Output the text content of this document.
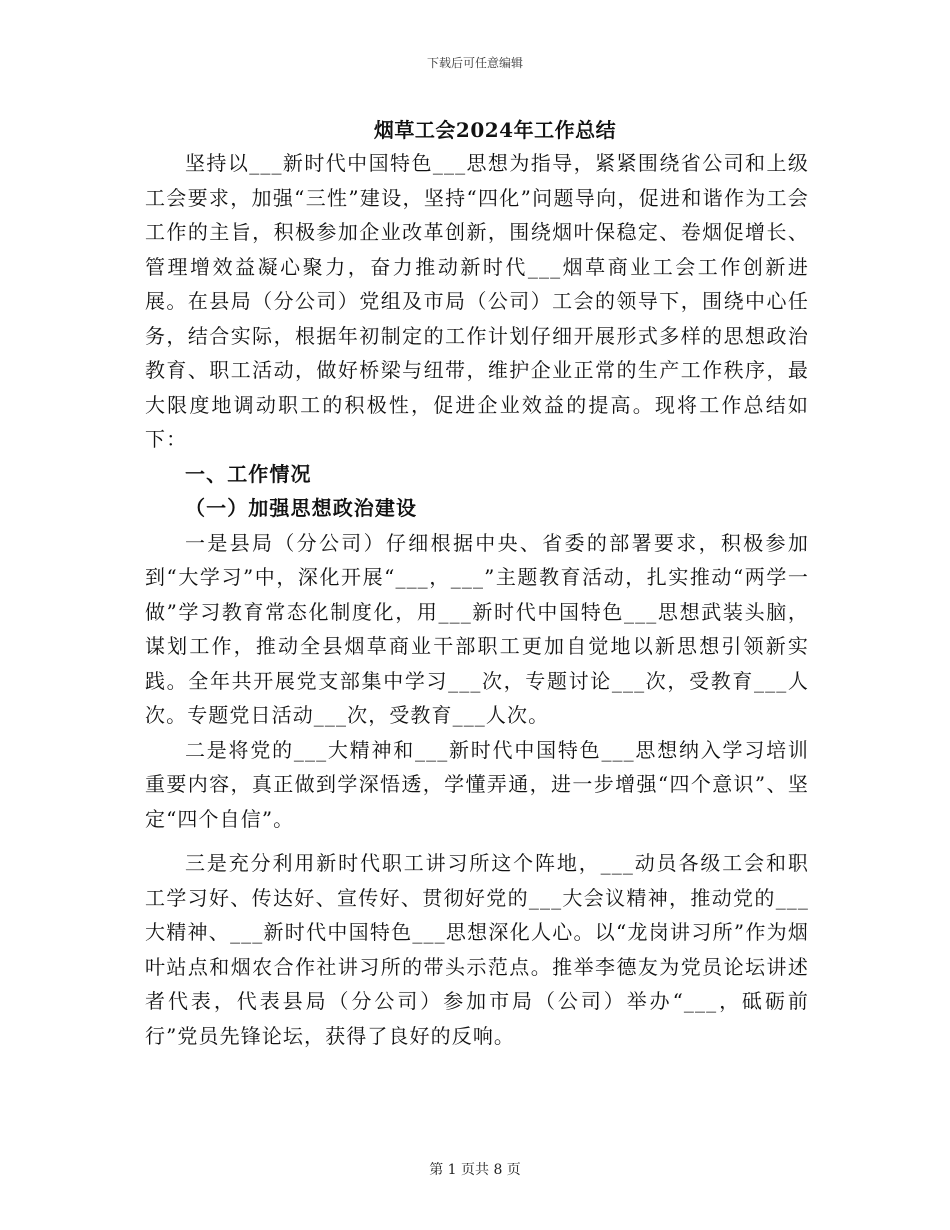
下载后可任意编辑
烟草工会2024年工作总结

坚持以___新时代中国特色___思想为指导，紧紧围绕省公司和上级工会要求，加强“三性”建设，坚持“四化”问题导向，促进和谐作为工会工作的主旨，积极参加企业改革创新，围绕烟叶保稳定、卷烟促增长、管理增效益凝心聚力，奋力推动新时代___烟草商业工会工作创新进展。在县局（分公司）党组及市局（公司）工会的领导下，围绕中心任务，结合实际，根据年初制定的工作计划仔细开展形式多样的思想政治教育、职工活动，做好桥梁与纽带，维护企业正常的生产工作秩序，最大限度地调动职工的积极性，促进企业效益的提高。现将工作总结如下：

一、工作情况

（一）加强思想政治建设

一是县局（分公司）仔细根据中央、省委的部署要求，积极参加到“大学习”中，深化开展“___，___”主题教育活动，扎实推动“两学一做”学习教育常态化制度化，用___新时代中国特色___思想武装头脑，谋划工作，推动全县烟草商业干部职工更加自觉地以新思想引领新实践。全年共开展党支部集中学习___次，专题讨论___次，受教育___人次。专题党日活动___次，受教育___人次。

二是将党的___大精神和___新时代中国特色___思想纳入学习培训重要内容，真正做到学深悟透，学懂弄通，进一步增强“四个意识”、坚定“四个自信”。

三是充分利用新时代职工讲习所这个阵地，___动员各级工会和职工学习好、传达好、宣传好、贯彻好党的___大会议精神，推动党的___大精神、___新时代中国特色___思想深化人心。以“龙岗讲习所”作为烟叶站点和烟农合作社讲习所的带头示范点。推举李德友为党员论坛讲述者代表，代表县局（分公司）参加市局（公司）举办“___，砥砺前行”党员先锋论坛，获得了良好的反响。

第 1 页共 8 页
